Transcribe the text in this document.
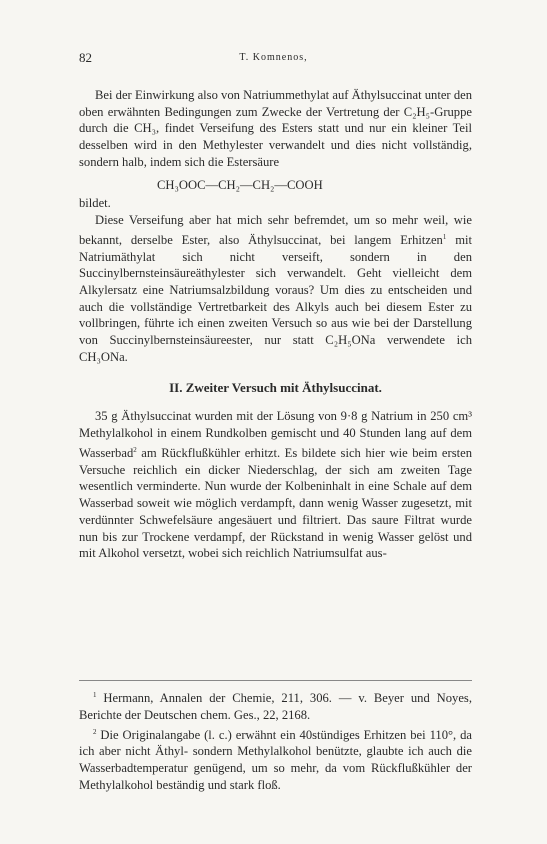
82	T. Komnenos,

Bei der Einwirkung also von Natriummethylat auf Äthylsuccinat unter den oben erwähnten Bedingungen zum Zwecke der Vertretung der C₂H₅-Gruppe durch die CH₃, findet Verseifung des Esters statt und nur ein kleiner Teil desselben wird in den Methylester verwandelt und dies nicht vollständig, sondern halb, indem sich die Estersäure

CH₃OOC—CH₂—CH₂—COOH

bildet.

Diese Verseifung aber hat mich sehr befremdet, um so mehr weil, wie bekannt, derselbe Ester, also Äthylsuccinat, bei langem Erhitzen$^1$ mit Natriumäthylat sich nicht verseift, sondern in den Succinylbernsteinsäureäthylester sich verwandelt. Geht vielleicht dem Alkylersatz eine Natriumsalzbildung voraus? Um dies zu entscheiden und auch die vollständige Vertretbarkeit des Alkyls auch bei diesem Ester zu vollbringen, führte ich einen zweiten Versuch so aus wie bei der Darstellung von Succinylbernsteinsäureester, nur statt C₂H₅ONa verwendete ich CH₃ONa.

II. Zweiter Versuch mit Äthylsuccinat.

35 g Äthylsuccinat wurden mit der Lösung von 9·8 g Natrium in 250 cm³ Methylalkohol in einem Rundkolben gemischt und 40 Stunden lang auf dem Wasserbad$^2$ am Rückflußkühler erhitzt. Es bildete sich hier wie beim ersten Versuche reichlich ein dicker Niederschlag, der sich am zweiten Tage wesentlich verminderte. Nun wurde der Kolbeninhalt in eine Schale auf dem Wasserbad soweit wie möglich verdampft, dann wenig Wasser zugesetzt, mit verdünnter Schwefelsäure angesäuert und filtriert. Das saure Filtrat wurde nun bis zur Trockene verdampf, der Rückstand in wenig Wasser gelöst und mit Alkohol versetzt, wobei sich reichlich Natriumsulfat aus-

$^1$ Hermann, Annalen der Chemie, 211, 306. — v. Beyer und Noyes, Berichte der Deutschen chem. Ges., 22, 2168.

$^2$ Die Originalangabe (l. c.) erwähnt ein 40stündiges Erhitzen bei 110°, da ich aber nicht Äthyl- sondern Methylalkohol benützte, glaubte ich auch die Wasserbadtemperatur genügend, um so mehr, da vom Rückflußkühler der Methylalkohol beständig und stark floß.
